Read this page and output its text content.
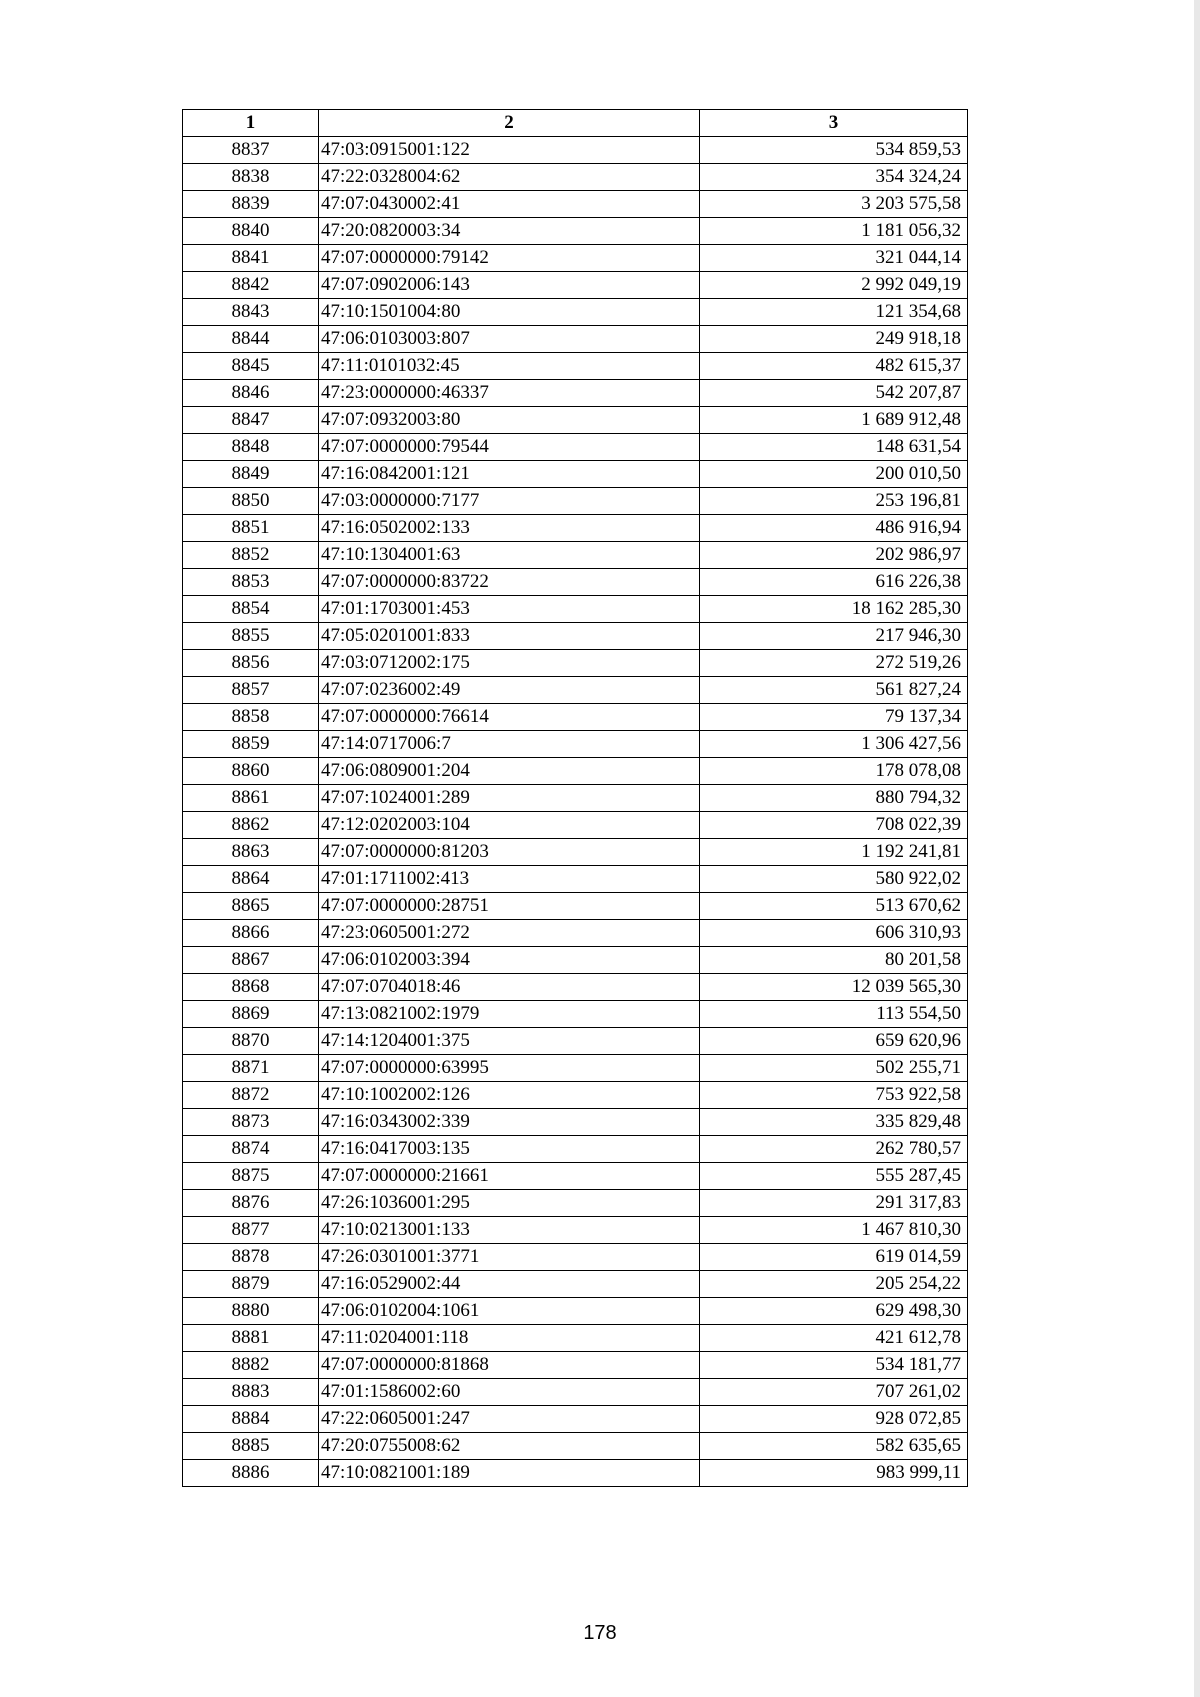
1	2	3
8837	47:03:0915001:122	534 859,53
8838	47:22:0328004:62	354 324,24
8839	47:07:0430002:41	3 203 575,58
8840	47:20:0820003:34	1 181 056,32
8841	47:07:0000000:79142	321 044,14
8842	47:07:0902006:143	2 992 049,19
8843	47:10:1501004:80	121 354,68
8844	47:06:0103003:807	249 918,18
8845	47:11:0101032:45	482 615,37
8846	47:23:0000000:46337	542 207,87
8847	47:07:0932003:80	1 689 912,48
8848	47:07:0000000:79544	148 631,54
8849	47:16:0842001:121	200 010,50
8850	47:03:0000000:7177	253 196,81
8851	47:16:0502002:133	486 916,94
8852	47:10:1304001:63	202 986,97
8853	47:07:0000000:83722	616 226,38
8854	47:01:1703001:453	18 162 285,30
8855	47:05:0201001:833	217 946,30
8856	47:03:0712002:175	272 519,26
8857	47:07:0236002:49	561 827,24
8858	47:07:0000000:76614	79 137,34
8859	47:14:0717006:7	1 306 427,56
8860	47:06:0809001:204	178 078,08
8861	47:07:1024001:289	880 794,32
8862	47:12:0202003:104	708 022,39
8863	47:07:0000000:81203	1 192 241,81
8864	47:01:1711002:413	580 922,02
8865	47:07:0000000:28751	513 670,62
8866	47:23:0605001:272	606 310,93
8867	47:06:0102003:394	80 201,58
8868	47:07:0704018:46	12 039 565,30
8869	47:13:0821002:1979	113 554,50
8870	47:14:1204001:375	659 620,96
8871	47:07:0000000:63995	502 255,71
8872	47:10:1002002:126	753 922,58
8873	47:16:0343002:339	335 829,48
8874	47:16:0417003:135	262 780,57
8875	47:07:0000000:21661	555 287,45
8876	47:26:1036001:295	291 317,83
8877	47:10:0213001:133	1 467 810,30
8878	47:26:0301001:3771	619 014,59
8879	47:16:0529002:44	205 254,22
8880	47:06:0102004:1061	629 498,30
8881	47:11:0204001:118	421 612,78
8882	47:07:0000000:81868	534 181,77
8883	47:01:1586002:60	707 261,02
8884	47:22:0605001:247	928 072,85
8885	47:20:0755008:62	582 635,65
8886	47:10:0821001:189	983 999,11
178
